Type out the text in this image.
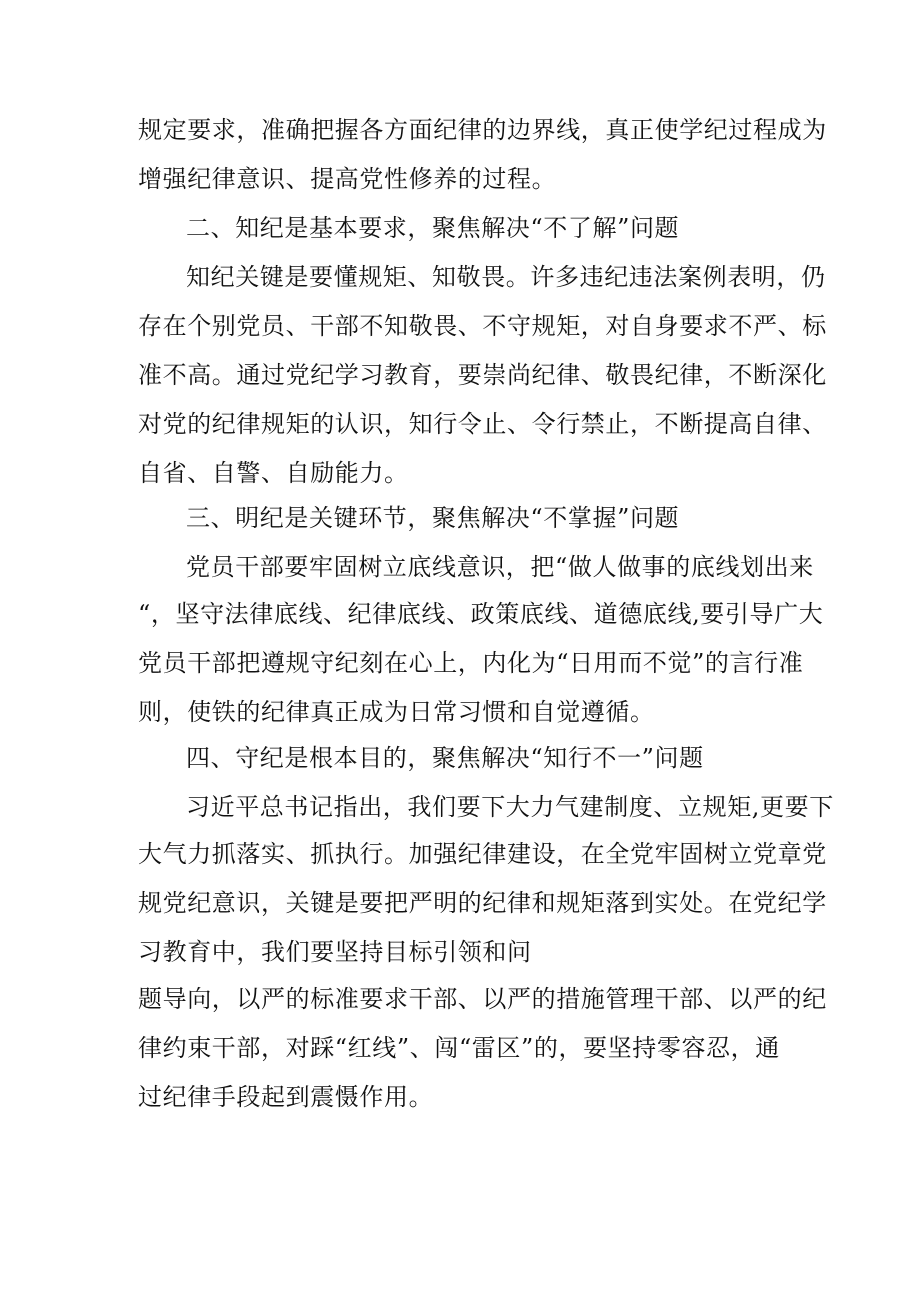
规定要求，准确把握各方面纪律的边界线，真正使学纪过程成为
增强纪律意识、提高党性修养的过程。
二、知纪是基本要求，聚焦解决“不了解”问题
知纪关键是要懂规矩、知敬畏。许多违纪违法案例表明，仍
存在个别党员、干部不知敬畏、不守规矩，对自身要求不严、标
准不高。通过党纪学习教育，要崇尚纪律、敬畏纪律，不断深化
对党的纪律规矩的认识，知行令止、令行禁止，不断提高自律、
自省、自警、自励能力。
三、明纪是关键环节，聚焦解决“不掌握”问题
党员干部要牢固树立底线意识，把“做人做事的底线划出来
“，坚守法律底线、纪律底线、政策底线、道德底线,要引导广大
党员干部把遵规守纪刻在心上，内化为“日用而不觉”的言行准
则，使铁的纪律真正成为日常习惯和自觉遵循。
四、守纪是根本目的，聚焦解决“知行不一”问题
习近平总书记指出，我们要下大力气建制度、立规矩,更要下
大气力抓落实、抓执行。加强纪律建设，在全党牢固树立党章党
规党纪意识，关键是要把严明的纪律和规矩落到实处。在党纪学
习教育中，我们要坚持目标引领和问
题导向，以严的标准要求干部、以严的措施管理干部、以严的纪
律约束干部，对踩“红线”、闯“雷区”的，要坚持零容忍，通
过纪律手段起到震慑作用。
